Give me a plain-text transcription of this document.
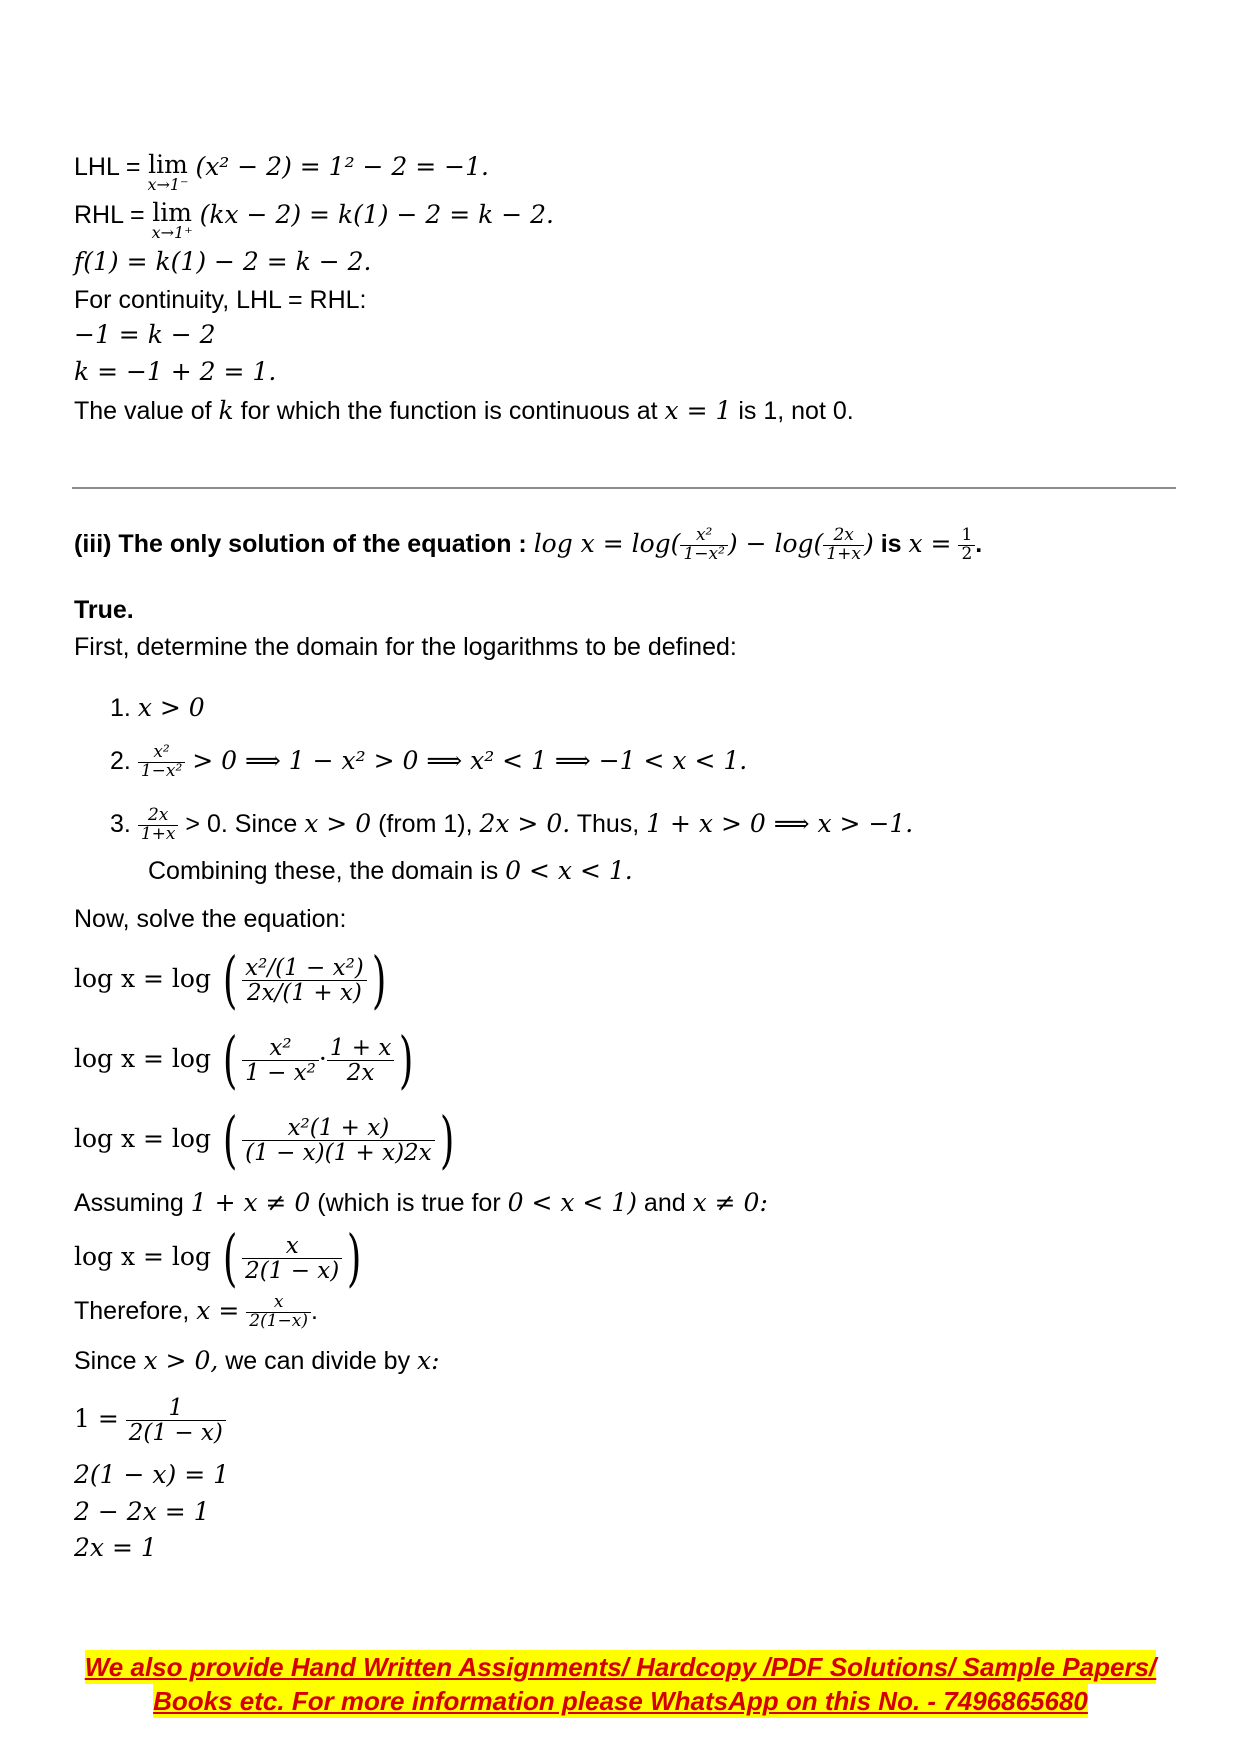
LHL = lim
x→1⁻
(x² − 2) = 1² − 2 = −1.
RHL = lim
x→1⁺
(kx − 2) = k(1) − 2 = k − 2.
f(1) = k(1) − 2 = k − 2.
For continuity, LHL = RHL:
−1 = k − 2
k = −1 + 2 = 1.
The value of k for which the function is continuous at x = 1 is 1, not 0.
(iii) The only solution of the equation : $\log x = \log( \frac{\text{x²}}{\text{1−x²}}$ ) − $\log( \frac{2x}{1+x}$ ) is $x = \frac{1}{2}$ .
True.
First, determine the domain for the logarithms to be defined:
1. x > 0
2. $\frac{\text{x²}}{\text{1−x²}} > 0$ ⟹ 1 − x² > 0 ⟹ x² < 1 ⟹ −1 < x < 1.
3. $\frac{2x}{1+x} > 0$. Since x > 0 (from 1), 2x > 0. Thus, 1 + x > 0 ⟹ x > −1.
Combining these, the domain is 0 < x < 1.
Now, solve the equation:
log x = log ( $\frac{\text{x²/(1 − x²)}}{2x/(1 + x)}$ )
log x = log ( $\frac{\text{x²}}{\text{1 − x²}} \cdot \frac{1 + x}{2x}$ )
log x = log ( $\frac{\text{x²(1 + x)}}{(1 - x)(1 + x)2x}$ )
Assuming 1 + x ≠ 0 (which is true for 0 < x < 1) and x ≠ 0:
log x = log ( $\frac{x}{2(1 - x)}$ )
Therefore, $x = \frac{x}{2(1-x)}$ .
Since x > 0, we can divide by x:
$1 = \frac{1}{2(1 - x)}$
2(1 − x) = 1
2 − 2x = 1
2x = 1
We also provide Hand Written Assignments/ Hardcopy /PDF Solutions/ Sample Papers/
Books etc. For more information please WhatsApp on this No. - 7496865680
